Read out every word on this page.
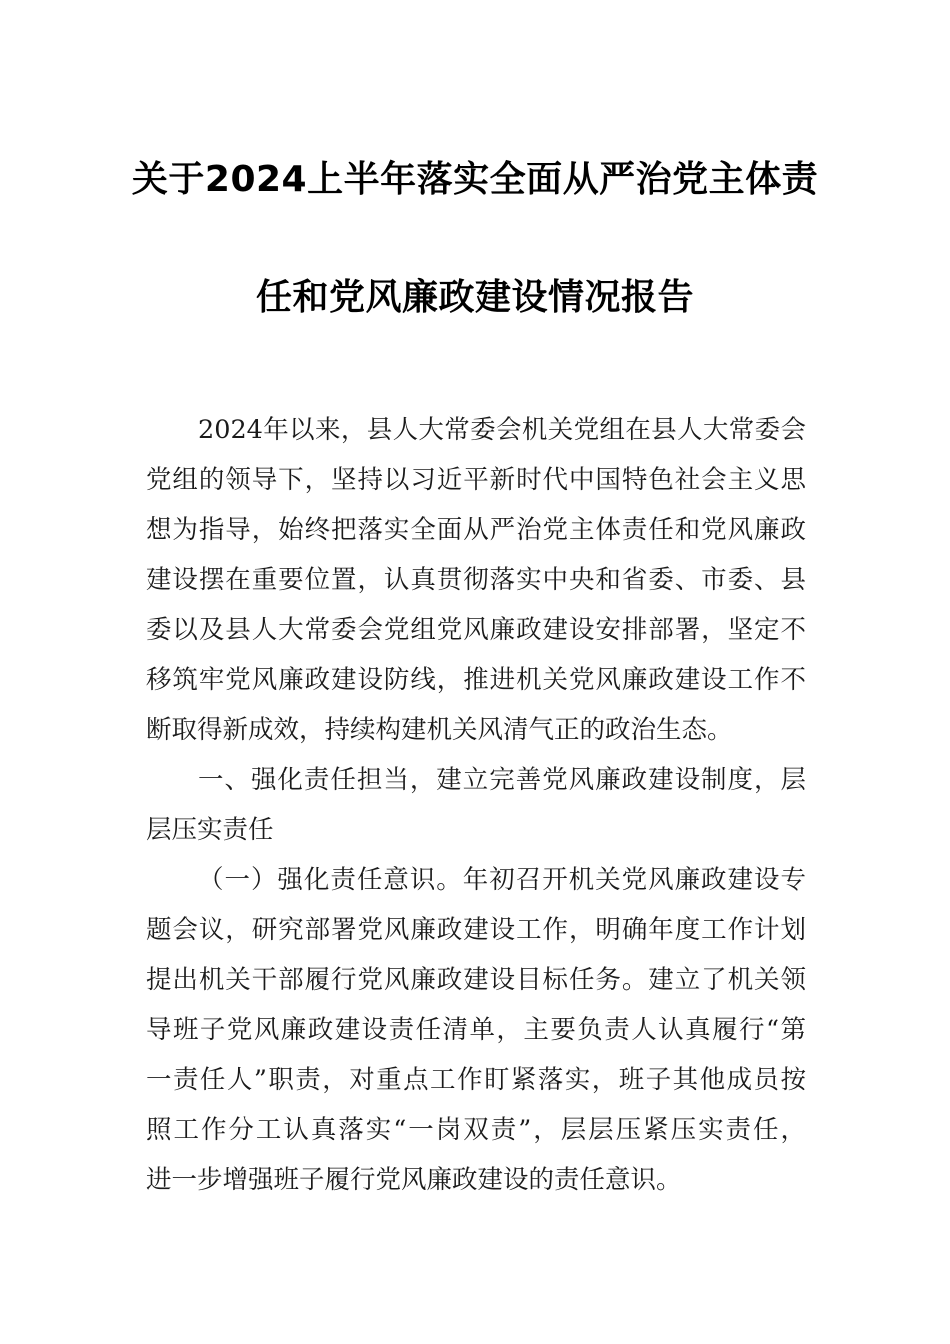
关于2024上半年落实全面从严治党主体责
任和党风廉政建设情况报告
2024年以来，县人大常委会机关党组在县人大常委会
党组的领导下，坚持以习近平新时代中国特色社会主义思
想为指导，始终把落实全面从严治党主体责任和党风廉政
建设摆在重要位置，认真贯彻落实中央和省委、市委、县
委以及县人大常委会党组党风廉政建设安排部署，坚定不
移筑牢党风廉政建设防线，推进机关党风廉政建设工作不
断取得新成效，持续构建机关风清气正的政治生态。
一、强化责任担当，建立完善党风廉政建设制度，层
层压实责任
（一）强化责任意识。年初召开机关党风廉政建设专
题会议，研究部署党风廉政建设工作，明确年度工作计划
提出机关干部履行党风廉政建设目标任务。建立了机关领
导班子党风廉政建设责任清单，主要负责人认真履行“第
一责任人”职责，对重点工作盯紧落实，班子其他成员按
照工作分工认真落实“一岗双责”，层层压紧压实责任，
进一步增强班子履行党风廉政建设的责任意识。
